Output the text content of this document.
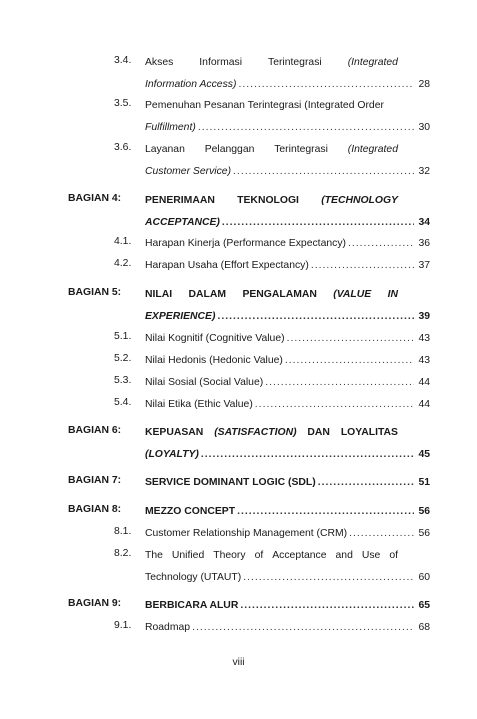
3.4. Akses Informasi Terintegrasi (Integrated
Information Access) .....	28
3.5. Pemenuhan Pesanan Terintegrasi (Integrated Order
Fulfillment) .....	30
3.6. Layanan Pelanggan Terintegrasi (Integrated
Customer Service) .....	32
BAGIAN 4: PENERIMAAN TEKNOLOGI (TECHNOLOGY
ACCEPTANCE) .....	34
4.1. Harapan Kinerja (Performance Expectancy) .....	36
4.2. Harapan Usaha (Effort Expectancy) .....	37
BAGIAN 5: NILAI DALAM PENGALAMAN (VALUE IN
EXPERIENCE) .....	39
5.1. Nilai Kognitif (Cognitive Value) .....	43
5.2. Nilai Hedonis (Hedonic Value) .....	43
5.3. Nilai Sosial (Social Value) .....	44
5.4. Nilai Etika (Ethic Value) .....	44
BAGIAN 6: KEPUASAN (SATISFACTION) DAN LOYALITAS
(LOYALTY) .....	45
BAGIAN 7: SERVICE DOMINANT LOGIC (SDL) .....	51
BAGIAN 8: MEZZO CONCEPT .....	56
8.1. Customer Relationship Management (CRM) .....	56
8.2. The Unified Theory of Acceptance and Use of
Technology (UTAUT) .....	60
BAGIAN 9: BERBICARA ALUR .....	65
9.1. Roadmap .....	68
viii
